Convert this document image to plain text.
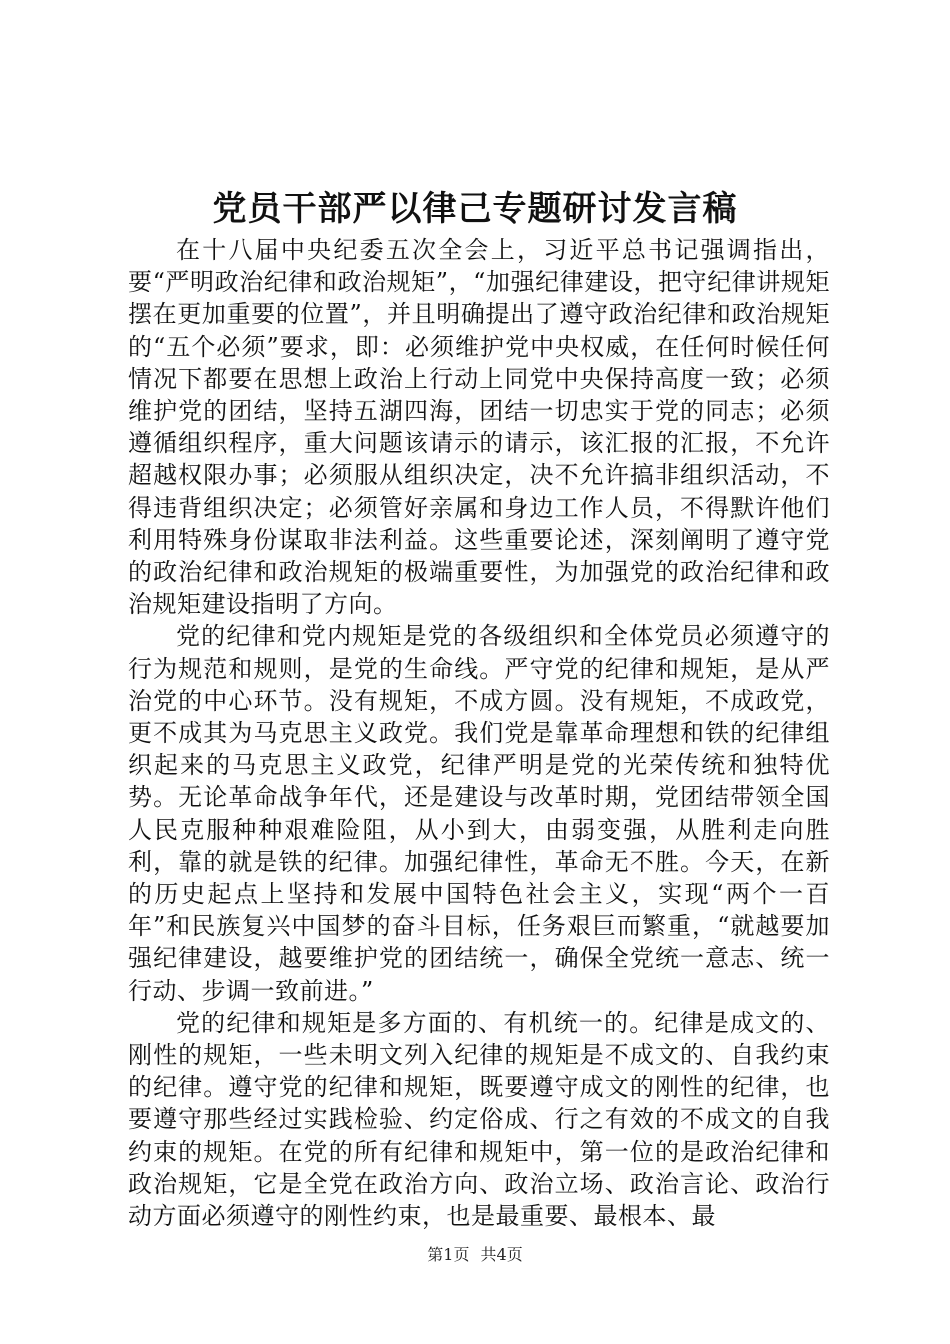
党员干部严以律己专题研讨发言稿

在十八届中央纪委五次全会上，习近平总书记强调指出，要“严明政治纪律和政治规矩”，“加强纪律建设，把守纪律讲规矩摆在更加重要的位置”，并且明确提出了遵守政治纪律和政治规矩的“五个必须”要求，即：必须维护党中央权威，在任何时候任何情况下都要在思想上政治上行动上同党中央保持高度一致；必须维护党的团结，坚持五湖四海，团结一切忠实于党的同志；必须遵循组织程序，重大问题该请示的请示，该汇报的汇报，不允许超越权限办事；必须服从组织决定，决不允许搞非组织活动，不得违背组织决定；必须管好亲属和身边工作人员，不得默许他们利用特殊身份谋取非法利益。这些重要论述，深刻阐明了遵守党的政治纪律和政治规矩的极端重要性，为加强党的政治纪律和政治规矩建设指明了方向。

党的纪律和党内规矩是党的各级组织和全体党员必须遵守的行为规范和规则，是党的生命线。严守党的纪律和规矩，是从严治党的中心环节。没有规矩，不成方圆。没有规矩，不成政党，更不成其为马克思主义政党。我们党是靠革命理想和铁的纪律组织起来的马克思主义政党，纪律严明是党的光荣传统和独特优势。无论革命战争年代，还是建设与改革时期，党团结带领全国人民克服种种艰难险阻，从小到大，由弱变强，从胜利走向胜利，靠的就是铁的纪律。加强纪律性，革命无不胜。今天，在新的历史起点上坚持和发展中国特色社会主义，实现“两个一百年”和民族复兴中国梦的奋斗目标，任务艰巨而繁重，“就越要加强纪律建设，越要维护党的团结统一，确保全党统一意志、统一行动、步调一致前进。”

党的纪律和规矩是多方面的、有机统一的。纪律是成文的、刚性的规矩，一些未明文列入纪律的规矩是不成文的、自我约束的纪律。遵守党的纪律和规矩，既要遵守成文的刚性的纪律，也要遵守那些经过实践检验、约定俗成、行之有效的不成文的自我约束的规矩。在党的所有纪律和规矩中，第一位的是政治纪律和政治规矩，它是全党在政治方向、政治立场、政治言论、政治行动方面必须遵守的刚性约束，也是最重要、最根本、最

第1页 共4页
